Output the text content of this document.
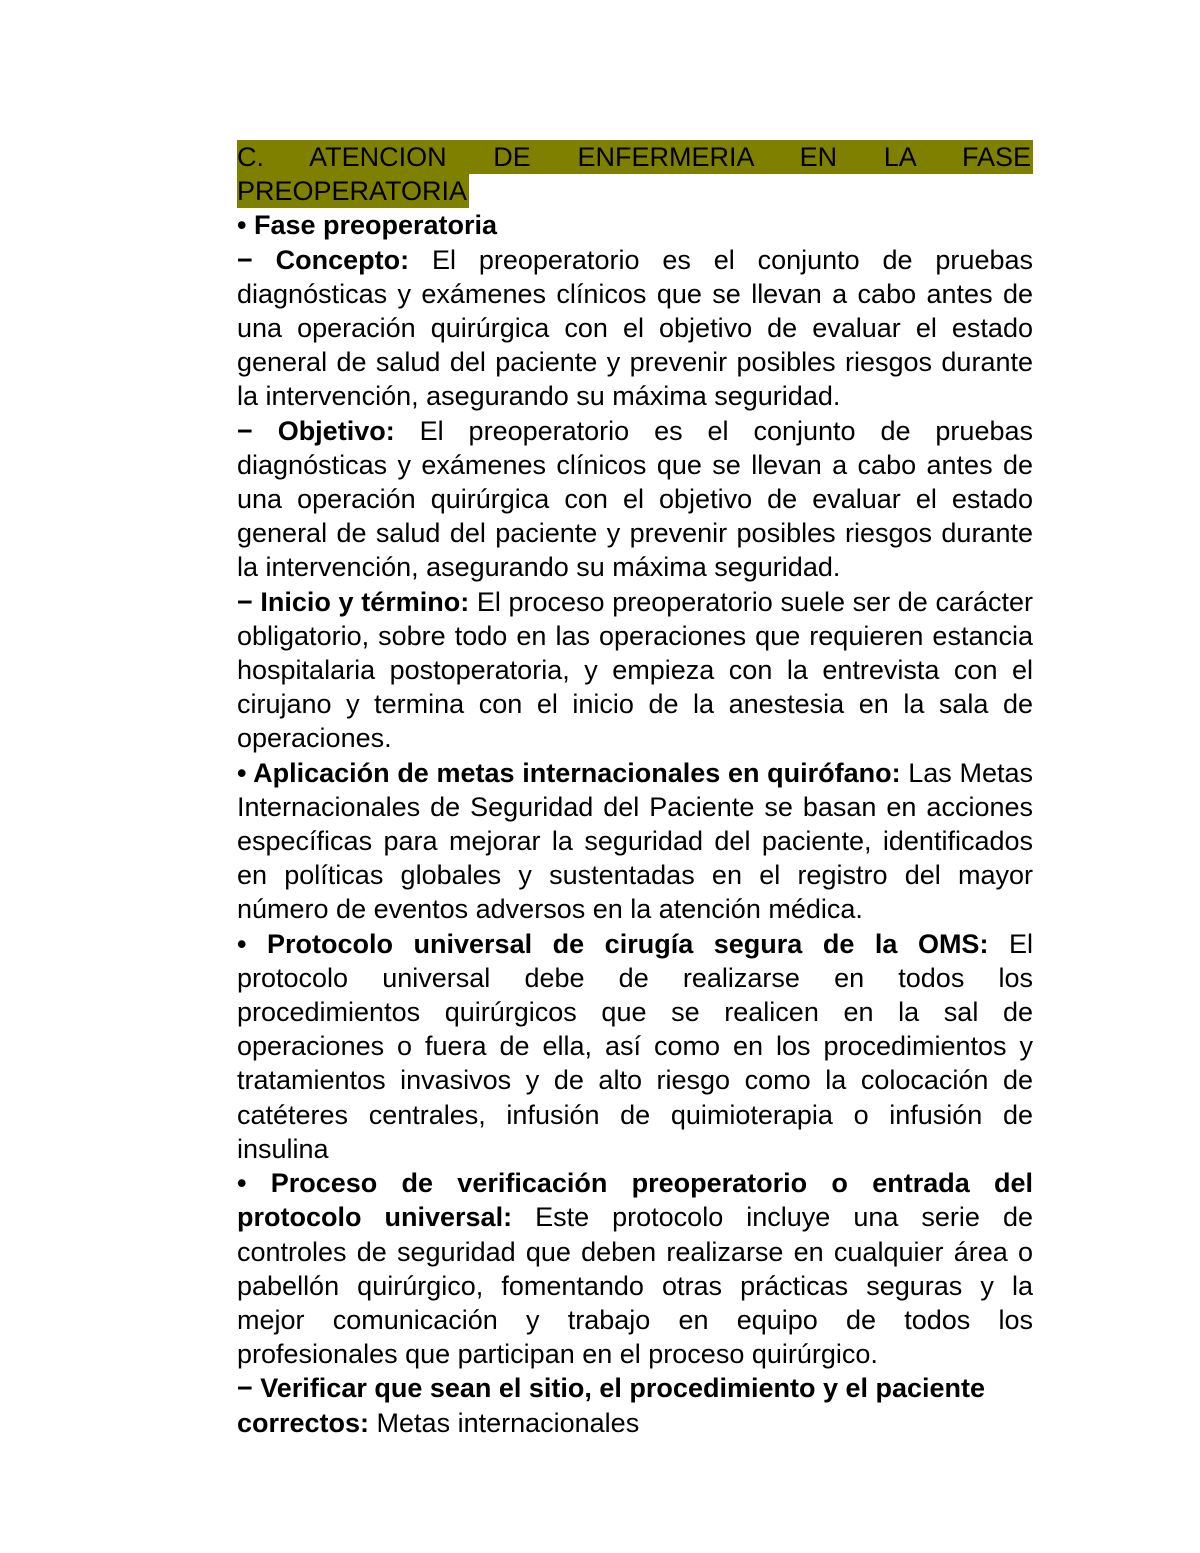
C. ATENCION DE ENFERMERIA EN LA FASE

PREOPERATORIA

• Fase preoperatoria

− Concepto: El preoperatorio es el conjunto de pruebas diagnósticas y exámenes clínicos que se llevan a cabo antes de una operación quirúrgica con el objetivo de evaluar el estado general de salud del paciente y prevenir posibles riesgos durante la intervención, asegurando su máxima seguridad.

− Objetivo: El preoperatorio es el conjunto de pruebas diagnósticas y exámenes clínicos que se llevan a cabo antes de una operación quirúrgica con el objetivo de evaluar el estado general de salud del paciente y prevenir posibles riesgos durante la intervención, asegurando su máxima seguridad.

− Inicio y término: El proceso preoperatorio suele ser de carácter obligatorio, sobre todo en las operaciones que requieren estancia hospitalaria postoperatoria, y empieza con la entrevista con el cirujano y termina con el inicio de la anestesia en la sala de operaciones.

• Aplicación de metas internacionales en quirófano: Las Metas Internacionales de Seguridad del Paciente se basan en acciones específicas para mejorar la seguridad del paciente, identificados en políticas globales y sustentadas en el registro del mayor número de eventos adversos en la atención médica.

• Protocolo universal de cirugía segura de la OMS: El protocolo universal debe de realizarse en todos los procedimientos quirúrgicos que se realicen en la sal de operaciones o fuera de ella, así como en los procedimientos y tratamientos invasivos y de alto riesgo como la colocación de catéteres centrales, infusión de quimioterapia o infusión de insulina

• Proceso de verificación preoperatorio o entrada del protocolo universal: Este protocolo incluye una serie de controles de seguridad que deben realizarse en cualquier área o pabellón quirúrgico, fomentando otras prácticas seguras y la mejor comunicación y trabajo en equipo de todos los profesionales que participan en el proceso quirúrgico.

− Verificar que sean el sitio, el procedimiento y el paciente correctos: Metas internacionales
